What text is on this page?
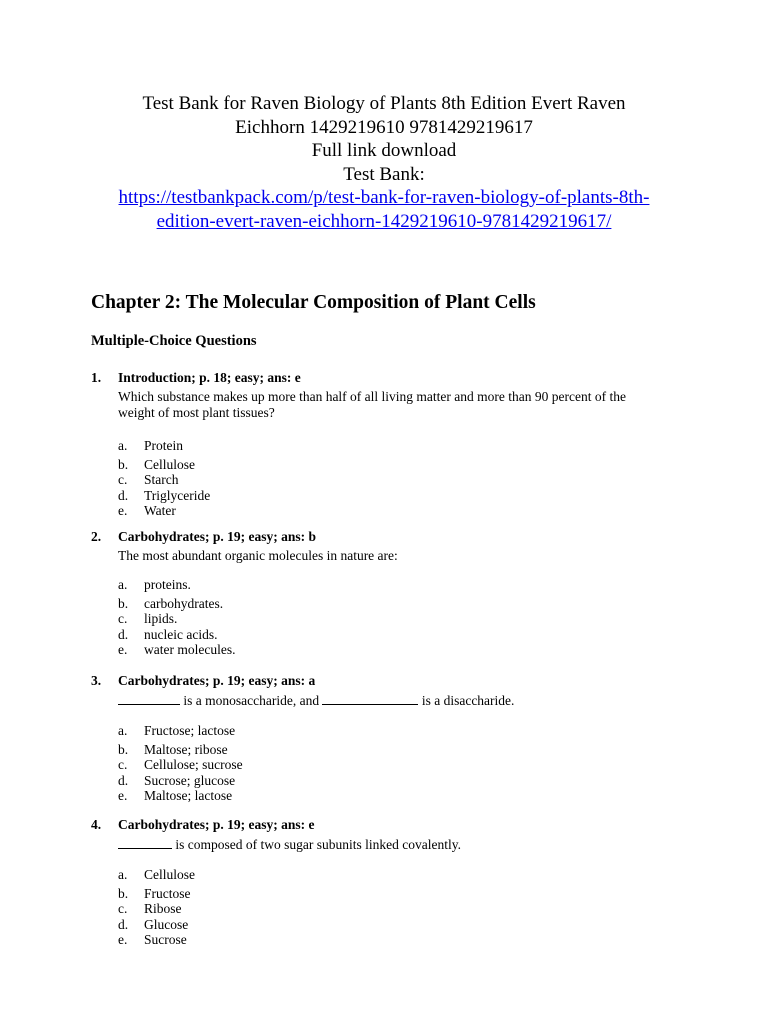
Test Bank for Raven Biology of Plants 8th Edition Evert Raven
Eichhorn 1429219610 9781429219617
Full link download
Test Bank:
https://testbankpack.com/p/test-bank-for-raven-biology-of-plants-8th-
edition-evert-raven-eichhorn-1429219610-9781429219617/
Chapter 2: The Molecular Composition of Plant Cells
Multiple-Choice Questions
1. Introduction; p. 18; easy; ans: e
Which substance makes up more than half of all living matter and more than 90 percent of the weight of most plant tissues?
a. Protein
b. Cellulose
c. Starch
d. Triglyceride
e. Water
2. Carbohydrates; p. 19; easy; ans: b
The most abundant organic molecules in nature are:
a. proteins.
b. carbohydrates.
c. lipids.
d. nucleic acids.
e. water molecules.
3. Carbohydrates; p. 19; easy; ans: a
is a monosaccharide, and	is a disaccharide.
a. Fructose; lactose
b. Maltose; ribose
c. Cellulose; sucrose
d. Sucrose; glucose
e. Maltose; lactose
4. Carbohydrates; p. 19; easy; ans: e
is composed of two sugar subunits linked covalently.
a. Cellulose
b. Fructose
c. Ribose
d. Glucose
e. Sucrose
